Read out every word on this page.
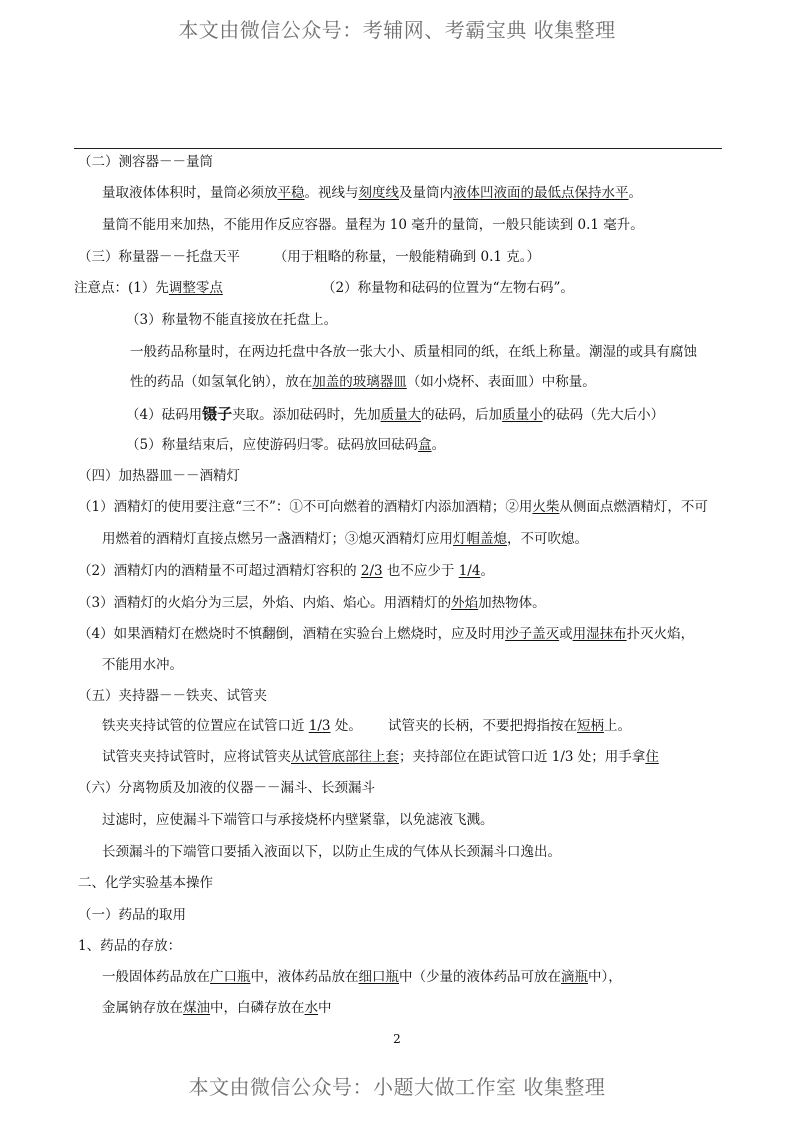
本文由微信公众号：考辅网、考霸宝典 收集整理
（二）测容器－－量筒
量取液体体积时，量筒必须放平稳。视线与刻度线及量筒内液体凹液面的最低点保持水平。
量筒不能用来加热，不能用作反应容器。量程为 10 毫升的量筒，一般只能读到 0.1 毫升。
（三）称量器－－托盘天平　　　（用于粗略的称量，一般能精确到 0.1 克。）
注意点：(1）先调整零点	（2）称量物和砝码的位置为“左物右码”。
（3）称量物不能直接放在托盘上。
一般药品称量时，在两边托盘中各放一张大小、质量相同的纸，在纸上称量。潮湿的或具有腐蚀
性的药品（如氢氧化钠），放在加盖的玻璃器皿（如小烧杯、表面皿）中称量。
（4）砝码用镊子夹取。添加砝码时，先加质量大的砝码，后加质量小的砝码（先大后小）
（5）称量结束后，应使游码归零。砝码放回砝码盒。
（四）加热器皿－－酒精灯
（1）酒精灯的使用要注意“三不”：①不可向燃着的酒精灯内添加酒精；②用火柴从侧面点燃酒精灯，不可
用燃着的酒精灯直接点燃另一盏酒精灯；③熄灭酒精灯应用灯帽盖熄，不可吹熄。
（2）酒精灯内的酒精量不可超过酒精灯容积的 2/3 也不应少于 1/4。
（3）酒精灯的火焰分为三层，外焰、内焰、焰心。用酒精灯的外焰加热物体。
（4）如果酒精灯在燃烧时不慎翻倒，酒精在实验台上燃烧时，应及时用沙子盖灭或用湿抹布扑灭火焰，
不能用水冲。
（五）夹持器－－铁夹、试管夹
铁夹夹持试管的位置应在试管口近 1/3 处。 试管夹的长柄，不要把拇指按在短柄上。
试管夹夹持试管时，应将试管夹从试管底部往上套；夹持部位在距试管口近 1/3 处；用手拿住
（六）分离物质及加液的仪器－－漏斗、长颈漏斗
过滤时，应使漏斗下端管口与承接烧杯内壁紧靠，以免滤液飞溅。
长颈漏斗的下端管口要插入液面以下，以防止生成的气体从长颈漏斗口逸出。
二、化学实验基本操作
（一）药品的取用
1、药品的存放：
一般固体药品放在广口瓶中，液体药品放在细口瓶中（少量的液体药品可放在滴瓶中），
金属钠存放在煤油中，白磷存放在水中
2
本文由微信公众号：小题大做工作室 收集整理
